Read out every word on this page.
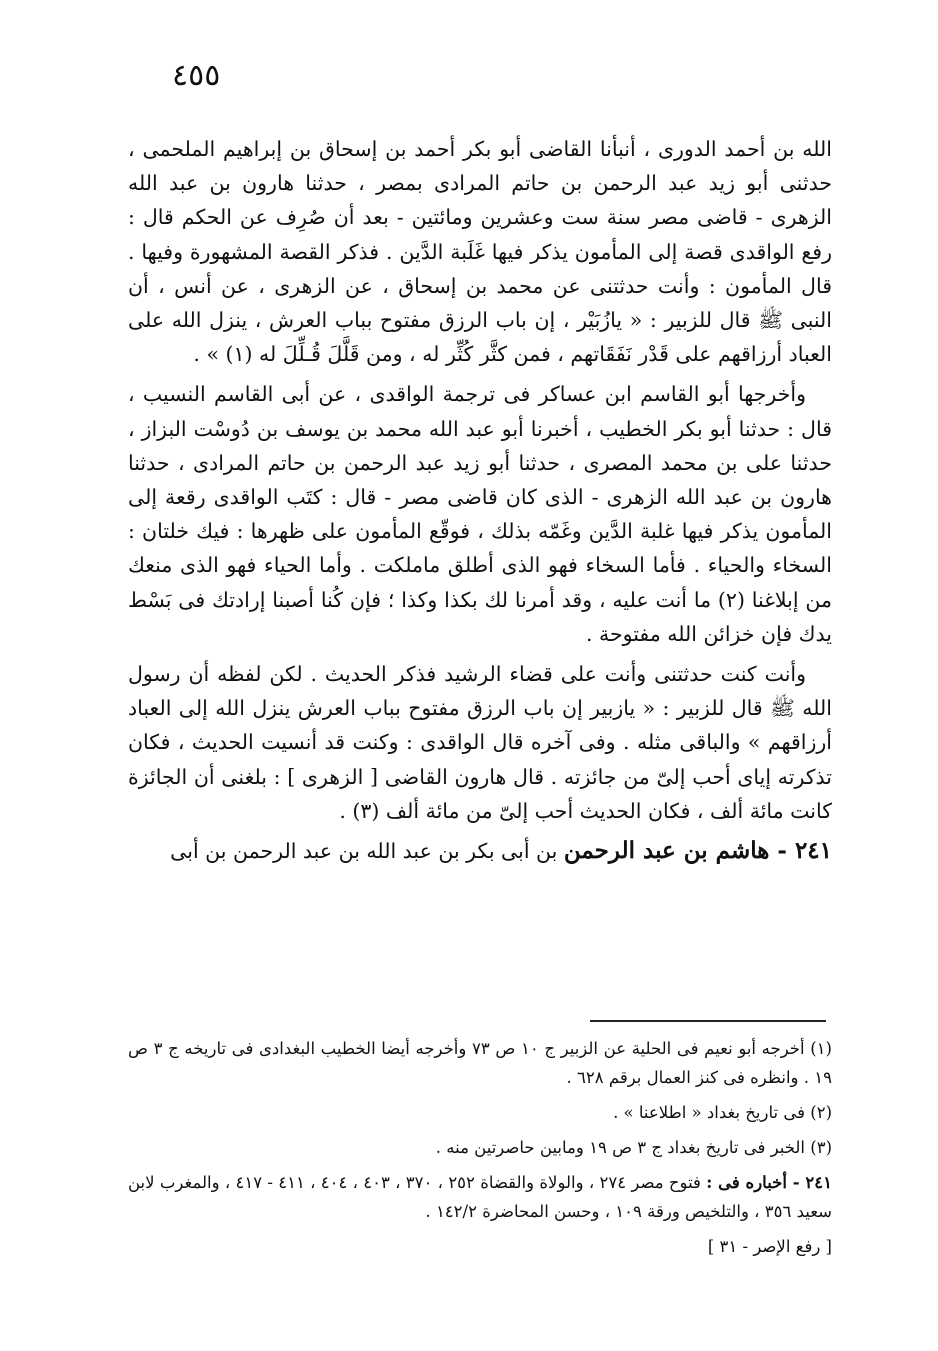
٤٥٥

الله بن أحمد الدورى ، أنبأنا القاضى أبو بكر أحمد بن إسحاق بن إبراهيم الملحمى ، حدثنى أبو زيد عبد الرحمن بن حاتم المرادى بمصر ، حدثنا هارون بن عبد الله الزهرى - قاضى مصر سنة ست وعشرين ومائتين - بعد أن صُرِف عن الحكم قال : رفع الواقدى قصة إلى المأمون يذكر فيها غَلَبة الدَّين . فذكر القصة المشهورة وفيها . قال المأمون : وأنت حدثتنى عن محمد بن إسحاق ، عن الزهرى ، عن أنس ، أن النبى ﷺ قال للزبير : « يازُبَيْر ، إن باب الرزق مفتوح بباب العرش ، ينزل الله على العباد أرزاقهم على قَدْر نَفَقَاتهم ، فمن كثَّر كُثِّر له ، ومن قَلَّلَ قُـلِّلَ له (١) » .

وأخرجها أبو القاسم ابن عساكر فى ترجمة الواقدى ، عن أبى القاسم النسيب ، قال : حدثنا أبو بكر الخطيب ، أخبرنا أبو عبد الله محمد بن يوسف بن دُوسْت البزاز ، حدثنا على بن محمد المصرى ، حدثنا أبو زيد عبد الرحمن بن حاتم المرادى ، حدثنا هارون بن عبد الله الزهرى - الذى كان قاضى مصر - قال : كتَب الواقدى رقعة إلى المأمون يذكر فيها غلبة الدَّين وغَمّه بذلك ، فوقّع المأمون على ظهرها : فيك خلتان : السخاء والحياء . فأما السخاء فهو الذى أطلق ماملكت . وأما الحياء فهو الذى منعك من إبلاغنا (٢) ما أنت عليه ، وقد أمرنا لك بكذا وكذا ؛ فإن كُنا أصبنا إرادتك فى بَسْط يدك فإن خزائن الله مفتوحة .

وأنت كنت حدثتنى وأنت على قضاء الرشيد فذكر الحديث . لكن لفظه أن رسول الله ﷺ قال للزبير : « يازبير إن باب الرزق مفتوح بباب العرش ينزل الله إلى العباد أرزاقهم » والباقى مثله . وفى آخره قال الواقدى : وكنت قد أنسيت الحديث ، فكان تذكرته إياى أحب إلىّ من جائزته . قال هارون القاضى [ الزهرى ] : بلغنى أن الجائزة كانت مائة ألف ، فكان الحديث أحب إلىّ من مائة ألف (٣) .

٢٤١ - هاشم بن عبد الرحمن بن أبى بكر بن عبد الله بن عبد الرحمن بن أبى

(١) أخرجه أبو نعيم فى الحلية عن الزبير ج ١٠ ص ٧٣ وأخرجه أيضا الخطيب البغدادى فى تاريخه ج ٣ ص ١٩ . وانظره فى كنز العمال برقم ٦٢٨ .

(٢) فى تاريخ بغداد « اطلاعنا » .

(٣) الخبر فى تاريخ بغداد ج ٣ ص ١٩ ومابين حاصرتين منه .

٢٤١ - أخباره فى : فتوح مصر ٢٧٤ ، والولاة والقضاة ٢٥٢ ، ٣٧٠ ، ٤٠٣ ، ٤٠٤ ، ٤١١ - ٤١٧ ، والمغرب لابن سعيد ٣٥٦ ، والتلخيص ورقة ١٠٩ ، وحسن المحاضرة ١٤٢/٢ .

[ رفع الإصر - ٣١ ]
